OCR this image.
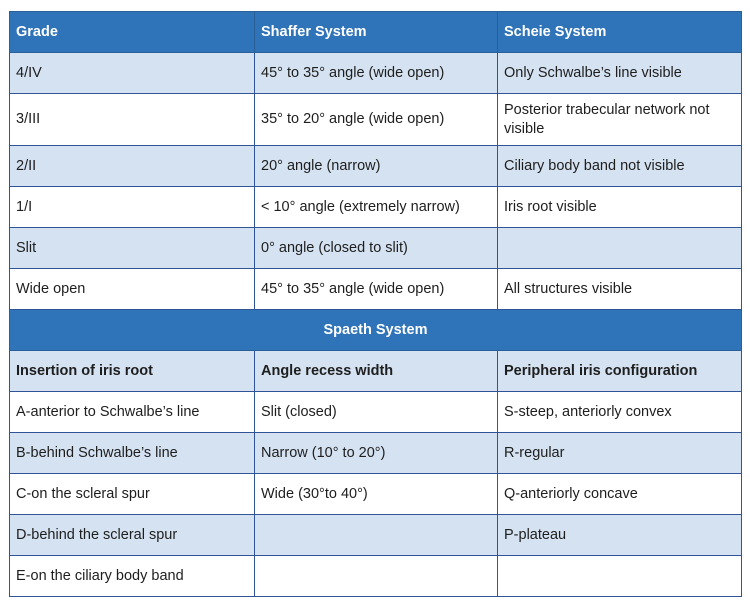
Grade	Shaffer System	Scheie System
4/IV	45° to 35° angle (wide open)	Only Schwalbe’s line visible
3/III	35° to 20° angle (wide open)	Posterior trabecular network not visible
2/II	20° angle (narrow)	Ciliary body band not visible
1/I	< 10° angle (extremely narrow)	Iris root visible
Slit	0° angle (closed to slit)	
Wide open	45° to 35° angle (wide open)	All structures visible
Spaeth System		
Insertion of iris root	Angle recess width	Peripheral iris configuration
A-anterior to Schwalbe’s line	Slit (closed)	S-steep, anteriorly convex
B-behind Schwalbe’s line	Narrow (10° to 20°)	R-regular
C-on the scleral spur	Wide (30°to 40°)	Q-anteriorly concave
D-behind the scleral spur		P-plateau
E-on the ciliary body band		
